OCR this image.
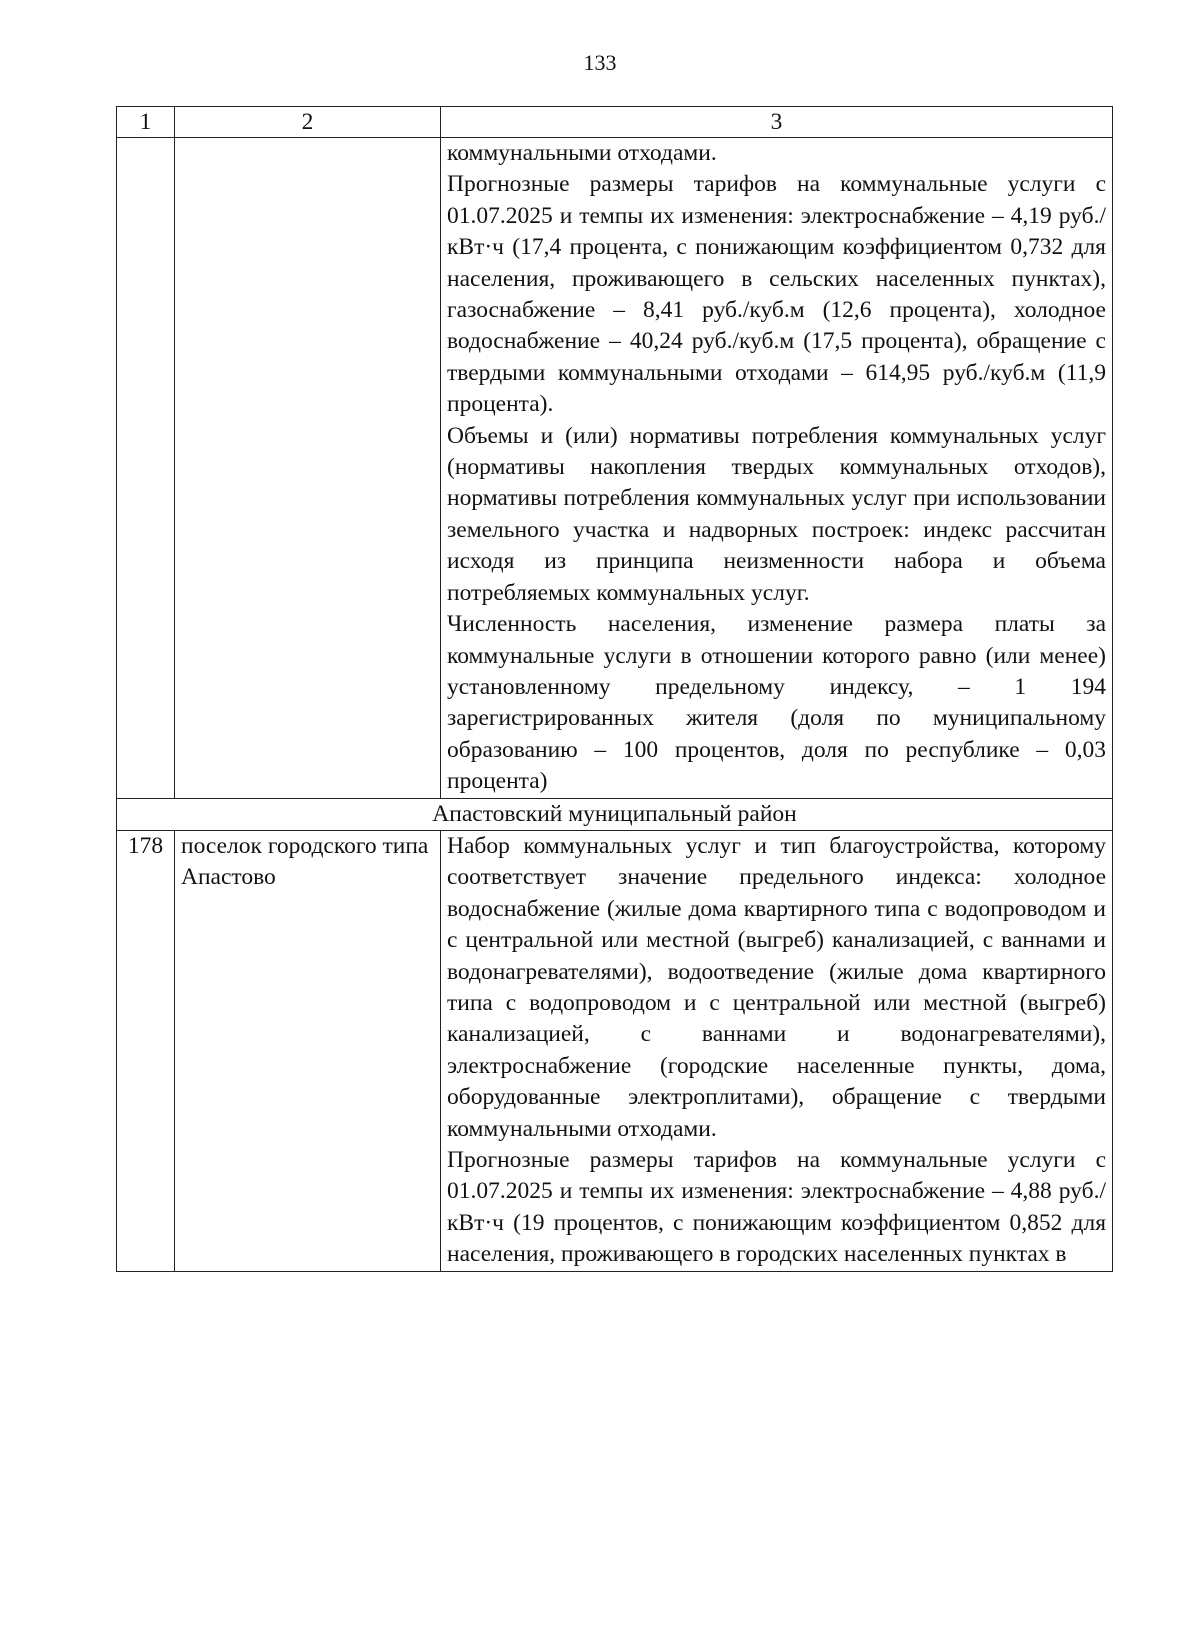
133
1	2	3

		коммунальными отходами.

Прогнозные размеры тарифов на коммунальные услуги с 01.07.2025 и темпы их изменения: электроснабжение – 4,19 руб./кВт·ч (17,4 процента, с понижающим коэффициентом 0,732 для населения, проживающего в сельских населенных пунктах), газоснабжение – 8,41 руб./куб.м (12,6 процента), холодное водоснабжение – 40,24 руб./куб.м (17,5 процента), обращение с твердыми коммунальными отходами – 614,95 руб./куб.м (11,9 процента).

Объемы и (или) нормативы потребления коммунальных услуг (нормативы накопления твердых коммунальных отходов), нормативы потребления коммунальных услуг при использовании земельного участка и надворных построек: индекс рассчитан исходя из принципа неизменности набора и объема потребляемых коммунальных услуг.

Численность населения, изменение размера платы за коммунальные услуги в отношении которого равно (или менее) установленному предельному индексу, – 1 194 зарегистрированных жителя (доля по муниципальному образованию – 100 процентов, доля по республике – 0,03 процента)

Апастовский муниципальный район		
178	поселок городского типа Апастово	Набор коммунальных услуг и тип благоустройства, которому соответствует значение предельного индекса: холодное водоснабжение (жилые дома квартирного типа с водопроводом и с центральной или местной (выгреб) канализацией, с ваннами и водонагревателями), водоотведение (жилые дома квартирного типа с водопроводом и с центральной или местной (выгреб) канализацией, с ваннами и водонагревателями), электроснабжение (городские населенные пункты, дома, оборудованные электроплитами), обращение с твердыми коммунальными отходами.

Прогнозные размеры тарифов на коммунальные услуги с 01.07.2025 и темпы их изменения: электроснабжение – 4,88 руб./кВт·ч (19 процентов, с понижающим коэффициентом 0,852 для населения, проживающего в городских населенных пунктах в
